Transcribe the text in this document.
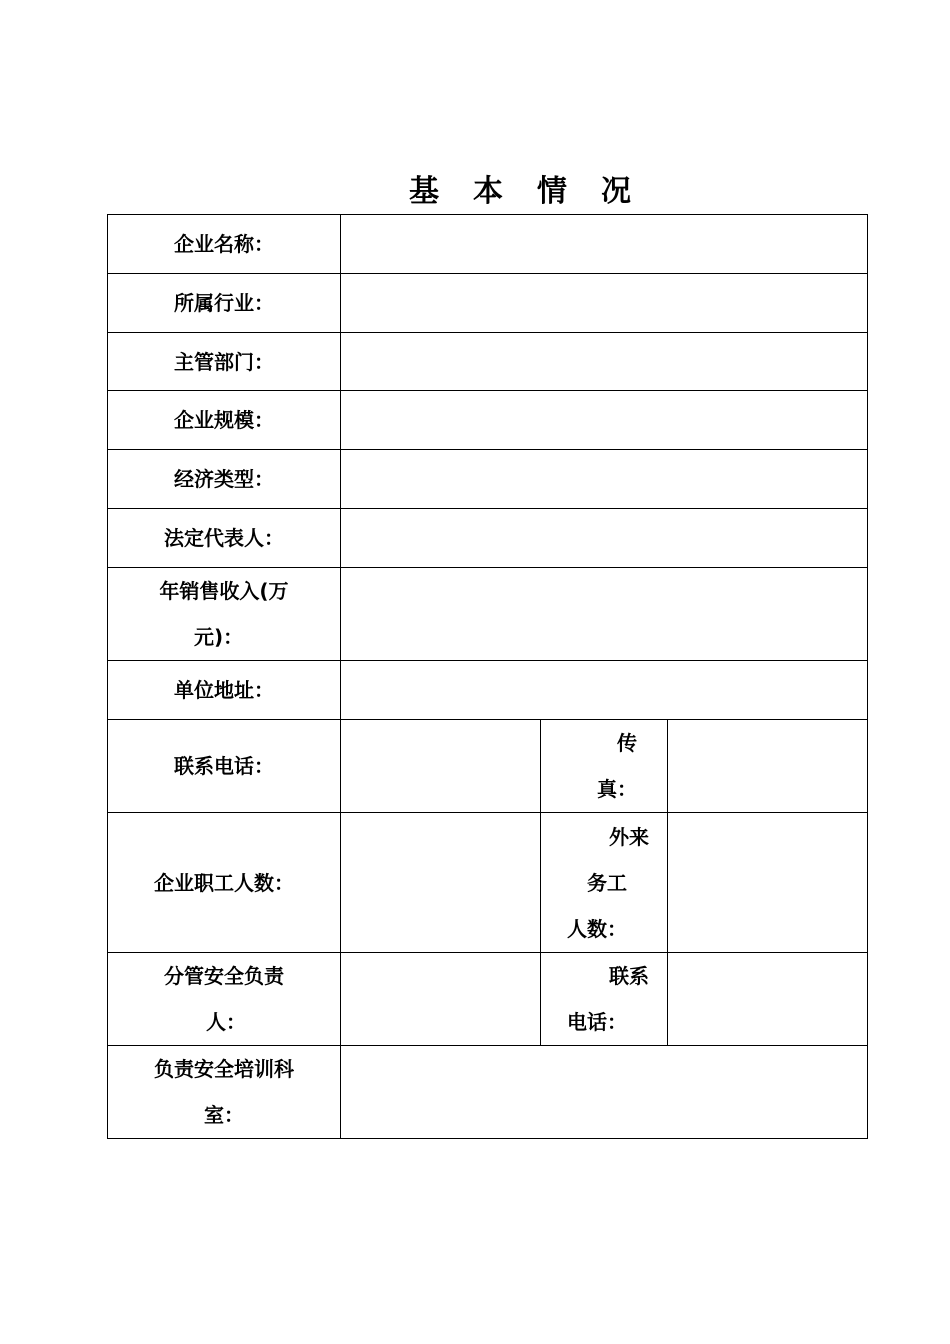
基 本 情 况
企业名称：			
所属行业：			
主管部门：			
企业规模：			
经济类型：			
法定代表人：			

年销售收入(万
元)：			

单位地址：			
联系电话：		传
真：	

企业职工人数：		外来
务工
人数：	

分管安全负责
人：		联系
电话：	

负责安全培训科
室：			
